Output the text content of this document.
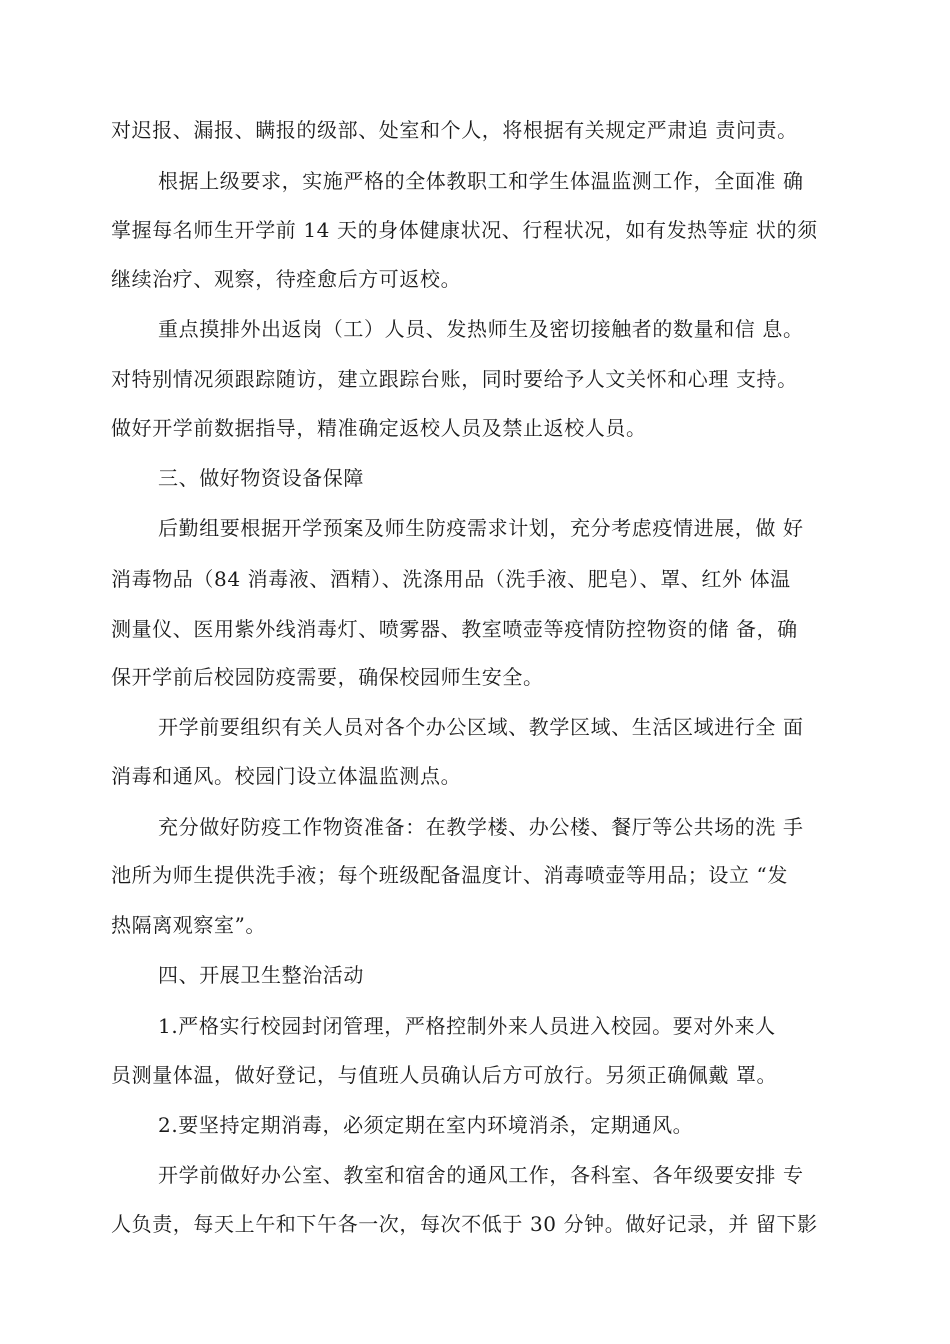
对迟报、漏报、瞒报的级部、处室和个人，将根据有关规定严肃追 责问责。
根据上级要求，实施严格的全体教职工和学生体温监测工作，全面准 确
掌握每名师生开学前 14 天的身体健康状况、行程状况，如有发热等症 状的须
继续治疗、观察，待痊愈后方可返校。
重点摸排外出返岗（工）人员、发热师生及密切接触者的数量和信 息。
对特别情况须跟踪随访，建立跟踪台账，同时要给予人文关怀和心理 支持。
做好开学前数据指导，精准确定返校人员及禁止返校人员。
三、做好物资设备保障
后勤组要根据开学预案及师生防疫需求计划，充分考虑疫情进展，做 好
消毒物品（84 消毒液、酒精）、洗涤用品（洗手液、肥皂）、罩、红外 体温
测量仪、医用紫外线消毒灯、喷雾器、教室喷壶等疫情防控物资的储 备，确
保开学前后校园防疫需要，确保校园师生安全。
开学前要组织有关人员对各个办公区域、教学区域、生活区域进行全 面
消毒和通风。校园门设立体温监测点。
充分做好防疫工作物资准备：在教学楼、办公楼、餐厅等公共场的洗 手
池所为师生提供洗手液；每个班级配备温度计、消毒喷壶等用品；设立 “发
热隔离观察室”。
四、开展卫生整治活动
1.严格实行校园封闭管理，严格控制外来人员进入校园。要对外来人
员测量体温，做好登记，与值班人员确认后方可放行。另须正确佩戴 罩。
2.要坚持定期消毒，必须定期在室内环境消杀，定期通风。
开学前做好办公室、教室和宿舍的通风工作，各科室、各年级要安排 专
人负责，每天上午和下午各一次，每次不低于 30 分钟。做好记录，并 留下影
